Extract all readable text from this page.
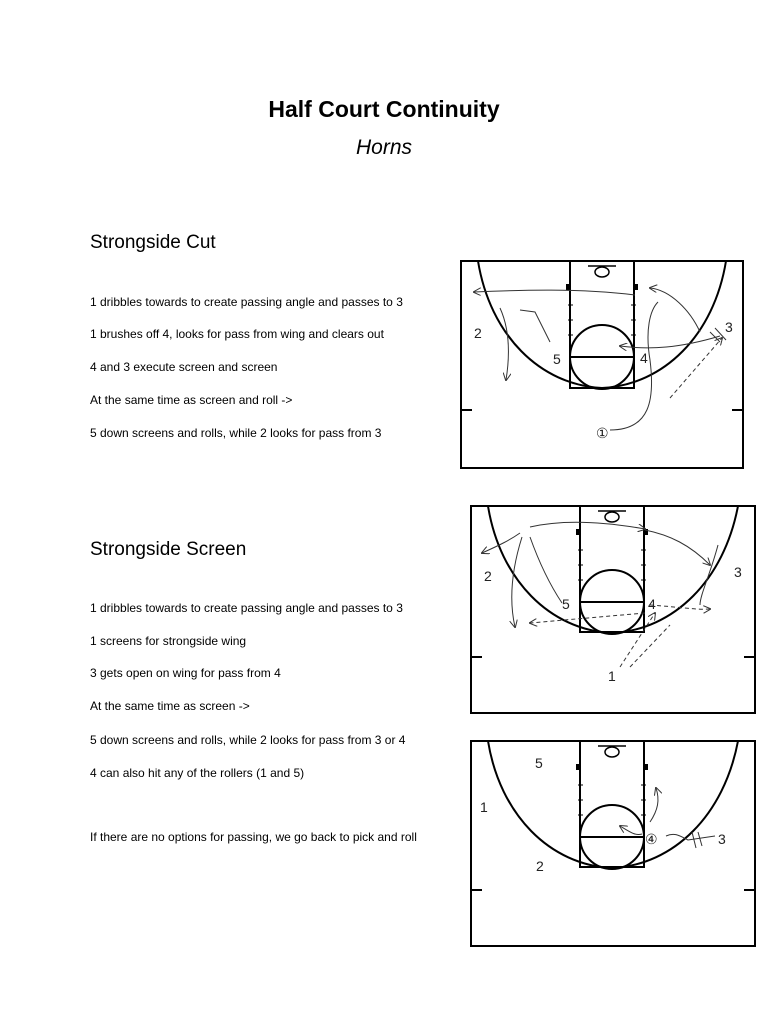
Half Court Continuity
Horns
Strongside Cut
1 dribbles towards to create passing angle and passes to 3
1 brushes off 4, looks for pass from wing and clears out
4 and 3 execute screen and screen
At the same time as screen and roll ->
5 down screens and rolls, while 2 looks for pass from 3
Strongside Screen
1 dribbles towards to create passing angle and passes to 3
1 screens for strongside wing
3 gets open on wing for pass from 4
At the same time as screen ->
5 down screens and rolls, while 2 looks for pass from 3 or 4
4 can also hit any of the rollers (1 and 5)
If there are no options for passing, we go back to pick and roll
2
5	4
3
①
2
5	4
3
1
5
1
④	3
2
